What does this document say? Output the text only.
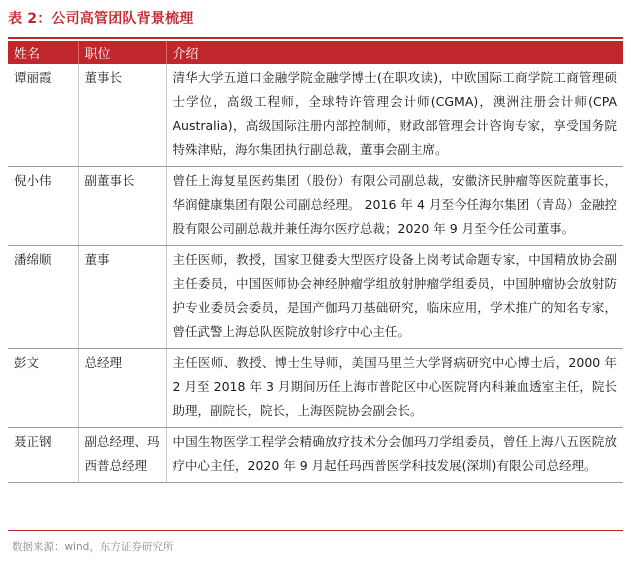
表 2：公司高管团队背景梳理
姓名	职位	介绍
谭丽霞	董事长	清华大学五道口金融学院金融学博士(在职攻读)，中欧国际工商学院工商管理硕士学位，高级工程师，全球特许管理会计师(CGMA)，澳洲注册会计师(CPA Australia)，高级国际注册内部控制师，财政部管理会计咨询专家，享受国务院特殊津贴，海尔集团执行副总裁，董事会副主席。
倪小伟	副董事长	曾任上海复星医药集团（股份）有限公司副总裁，安徽济民肿瘤等医院董事长，华润健康集团有限公司副总经理。 2016 年 4 月至今任海尔集团（青岛）金融控股有限公司副总裁并兼任海尔医疗总裁；2020 年 9 月至今任公司董事。
潘绵顺	董事	主任医师，教授，国家卫健委大型医疗设备上岗考试命题专家，中国精放协会副主任委员，中国医师协会神经肿瘤学组放射肿瘤学组委员，中国肿瘤协会放射防护专业委员会委员，是国产伽玛刀基础研究，临床应用，学术推广的知名专家，曾任武警上海总队医院放射诊疗中心主任。
彭文	总经理	主任医师、教授、博士生导师，美国马里兰大学肾病研究中心博士后，2000 年 2 月至 2018 年 3 月期间历任上海市普陀区中心医院肾内科兼血透室主任，院长助理，副院长，院长，上海医院协会副会长。
聂正钢	副总经理、玛西普总经理	中国生物医学工程学会精确放疗技术分会伽玛刀学组委员，曾任上海八五医院放疗中心主任，2020 年 9 月起任玛西普医学科技发展(深圳)有限公司总经理。
数据来源：wind，东方证券研究所
